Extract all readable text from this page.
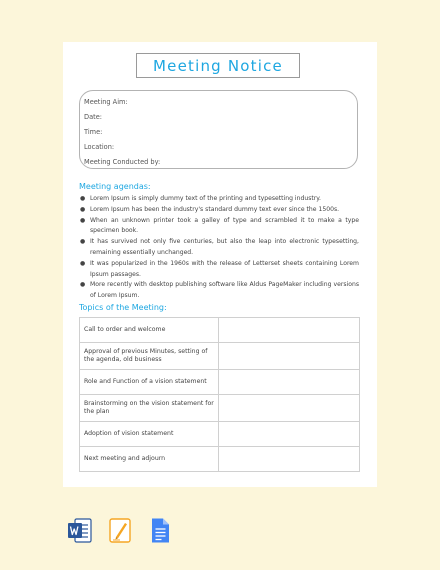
Meeting Notice
Meeting Aim:
Date:
Time:
Location:
Meeting Conducted by:
Meeting agendas:
● Lorem Ipsum is simply dummy text of the printing and typesetting industry.
● Lorem Ipsum has been the industry's standard dummy text ever since the 1500s.
● When an unknown printer took a galley of type and scrambled it to make a type specimen book.
● It has survived not only five centuries, but also the leap into electronic typesetting, remaining essentially unchanged.
● It was popularized in the 1960s with the release of Letterset sheets containing Lorem Ipsum passages.
● More recently with desktop publishing software like Aldus PageMaker including versions of Lorem Ipsum.
Topics of the Meeting:
Call to order and welcome	
Approval of previous Minutes, setting of the agenda, old business	
Role and Function of a vision statement	
Brainstorming on the vision statement for the plan	
Adoption of vision statement	
Next meeting and adjourn	
